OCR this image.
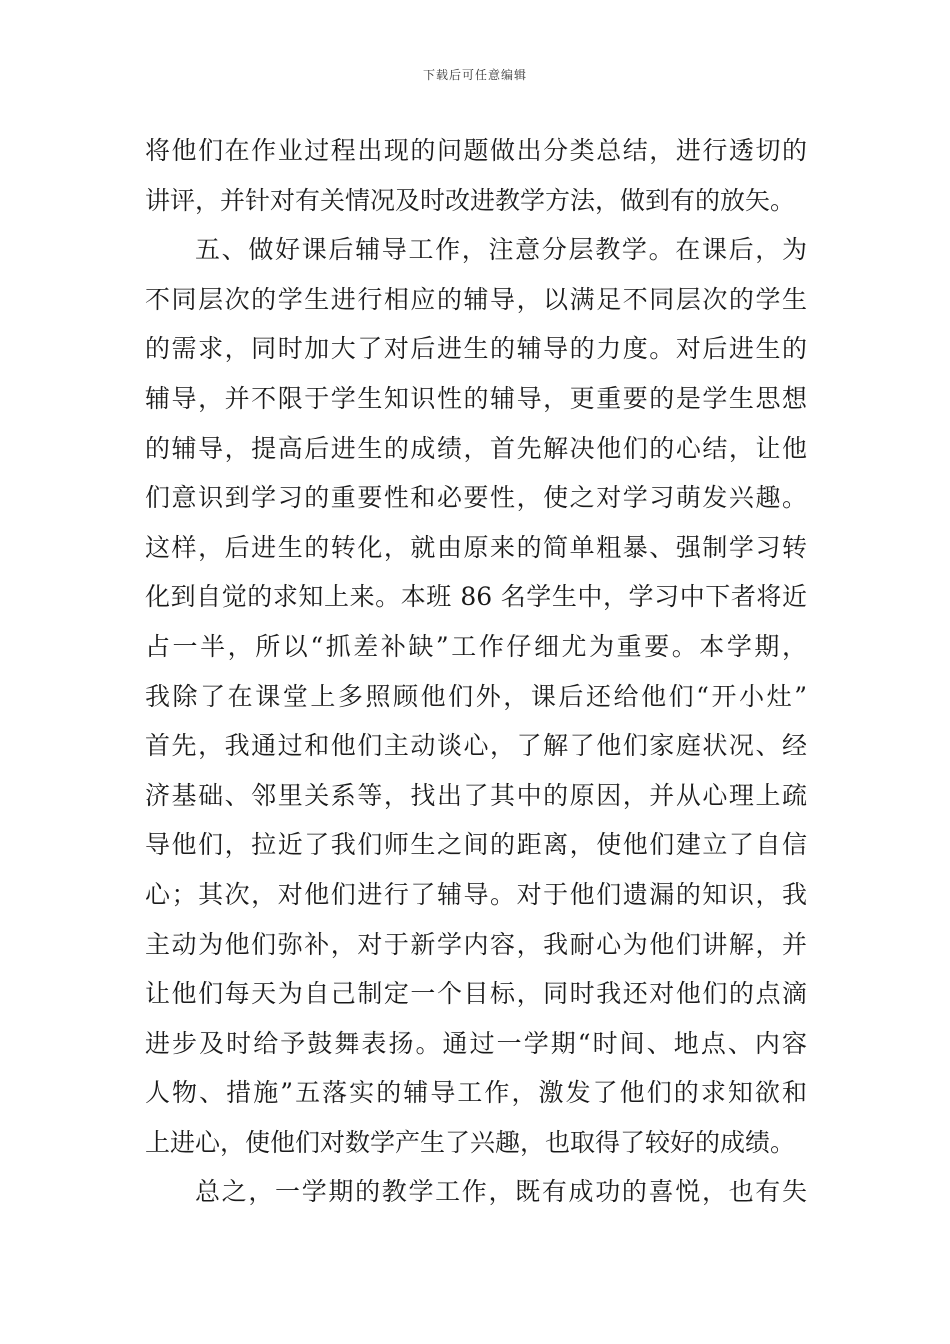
下载后可任意编辑
将他们在作业过程出现的问题做出分类总结，进行透切的
讲评，并针对有关情况及时改进教学方法，做到有的放矢。
五、做好课后辅导工作，注意分层教学。在课后，为
不同层次的学生进行相应的辅导，以满足不同层次的学生
的需求，同时加大了对后进生的辅导的力度。对后进生的
辅导，并不限于学生知识性的辅导，更重要的是学生思想
的辅导，提高后进生的成绩，首先解决他们的心结，让他
们意识到学习的重要性和必要性，使之对学习萌发兴趣。
这样，后进生的转化，就由原来的简单粗暴、强制学习转
化到自觉的求知上来。本班 86 名学生中，学习中下者将近
占一半，所以“抓差补缺”工作仔细尤为重要。本学期，
我除了在课堂上多照顾他们外，课后还给他们“开小灶”
首先，我通过和他们主动谈心，了解了他们家庭状况、经
济基础、邻里关系等，找出了其中的原因，并从心理上疏
导他们，拉近了我们师生之间的距离，使他们建立了自信
心；其次，对他们进行了辅导。对于他们遗漏的知识，我
主动为他们弥补，对于新学内容，我耐心为他们讲解，并
让他们每天为自己制定一个目标，同时我还对他们的点滴
进步及时给予鼓舞表扬。通过一学期“时间、地点、内容
人物、措施”五落实的辅导工作，激发了他们的求知欲和
上进心，使他们对数学产生了兴趣，也取得了较好的成绩。
总之，一学期的教学工作，既有成功的喜悦，也有失
